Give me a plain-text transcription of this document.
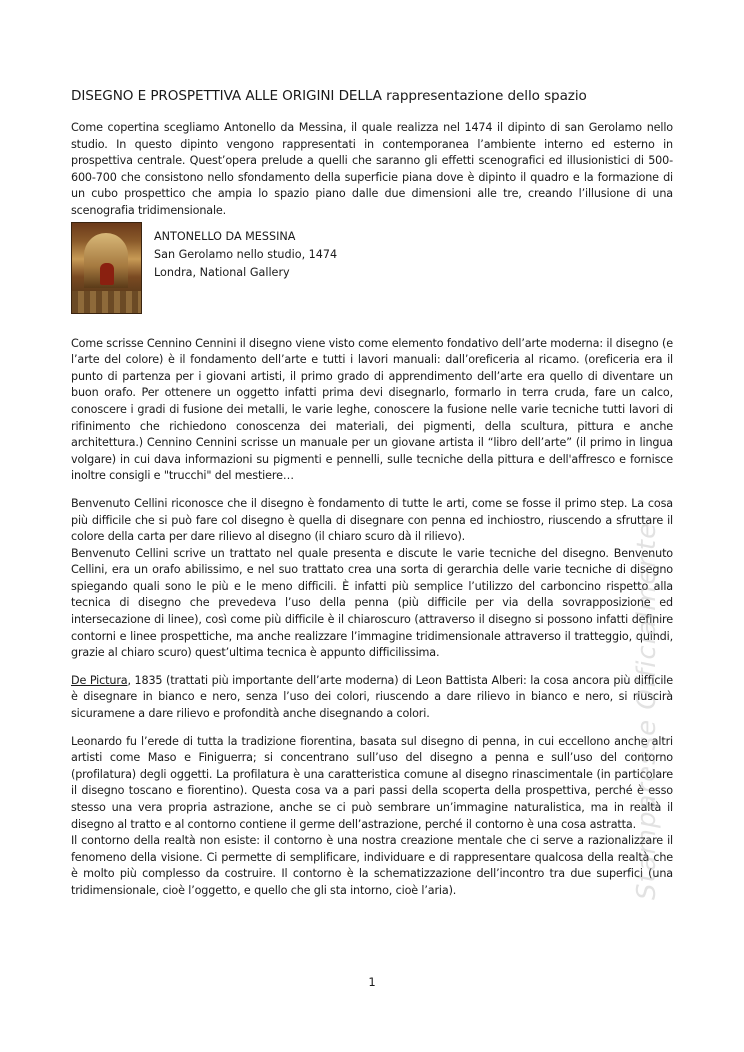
DISEGNO E PROSPETTIVA ALLE ORIGINI DELLA rappresentazione dello spazio

Come copertina scegliamo Antonello da Messina, il quale realizza nel 1474 il dipinto di san Gerolamo nello studio. In questo dipinto vengono rappresentati in contemporanea l’ambiente interno ed esterno in prospettiva centrale. Quest’opera prelude a quelli che saranno gli effetti scenografici ed illusionistici di 500-600-700 che consistono nello sfondamento della superficie piana dove è dipinto il quadro e la formazione di un cubo prospettico che ampia lo spazio piano dalle due dimensioni alle tre, creando l’illusione di una scenografia tridimensionale.

ANTONELLO DA MESSINA
San Gerolamo nello studio, 1474
Londra, National Gallery

Come scrisse Cennino Cennini il disegno viene visto come elemento fondativo dell’arte moderna: il disegno (e l’arte del colore) è il fondamento dell’arte e tutti i lavori manuali: dall’oreficeria al ricamo. (oreficeria era il punto di partenza per i giovani artisti, il primo grado di apprendimento dell’arte era quello di diventare un buon orafo. Per ottenere un oggetto infatti prima devi disegnarlo, formarlo in terra cruda, fare un calco, conoscere i gradi di fusione dei metalli, le varie leghe, conoscere la fusione nelle varie tecniche tutti lavori di rifinimento che richiedono conoscenza dei materiali, dei pigmenti, della scultura, pittura e anche architettura.) Cennino Cennini scrisse un manuale per un giovane artista il “libro dell’arte” (il primo in lingua volgare) in cui dava informazioni su pigmenti e pennelli, sulle tecniche della pittura e dell'affresco e fornisce inoltre consigli e "trucchi" del mestiere…

Benvenuto Cellini riconosce che il disegno è fondamento di tutte le arti, come se fosse il primo step. La cosa più difficile che si può fare col disegno è quella di disegnare con penna ed inchiostro, riuscendo a sfruttare il colore della carta per dare rilievo al disegno (il chiaro scuro dà il rilievo).

Benvenuto Cellini scrive un trattato nel quale presenta e discute le varie tecniche del disegno. Benvenuto Cellini, era un orafo abilissimo, e nel suo trattato crea una sorta di gerarchia delle varie tecniche di disegno spiegando quali sono le più e le meno difficili. È infatti più semplice l’utilizzo del carboncino rispetto alla tecnica di disegno che prevedeva l’uso della penna (più difficile per via della sovrapposizione ed intersecazione di linee), così come più difficile è il chiaroscuro (attraverso il disegno si possono infatti definire contorni e linee prospettiche, ma anche realizzare l’immagine tridimensionale attraverso il tratteggio, quindi, grazie al chiaro scuro) quest’ultima tecnica è appunto difficilissima.

De Pictura, 1835 (trattati più importante dell’arte moderna) di Leon Battista Alberi: la cosa ancora più difficile è disegnare in bianco e nero, senza l’uso dei colori, riuscendo a dare rilievo in bianco e nero, si riuscirà sicuramene a dare rilievo e profondità anche disegnando a colori.

Leonardo fu l’erede di tutta la tradizione fiorentina, basata sul disegno di penna, in cui eccellono anche altri artisti come Maso e Finiguerra; si concentrano sull’uso del disegno a penna e sull’uso del contorno (profilatura) degli oggetti. La profilatura è una caratteristica comune al disegno rinascimentale (in particolare il disegno toscano e fiorentino). Questa cosa va a pari passi della scoperta della prospettiva, perché è esso stesso una vera propria astrazione, anche se ci può sembrare un’immagine naturalistica, ma in realtà il disegno al tratto e al contorno contiene il germe dell’astrazione, perché il contorno è una cosa astratta.

Il contorno della realtà non esiste: il contorno è una nostra creazione mentale che ci serve a razionalizzare il fenomeno della visione. Ci permette di semplificare, individuare e di rappresentare qualcosa della realtà che è molto più complesso da costruire. Il contorno è la schematizzazione dell’incontro tra due superfici (una tridimensionale, cioè l’oggetto, e quello che gli sta intorno, cioè l’aria).	Stamparesse Officialmente
1
